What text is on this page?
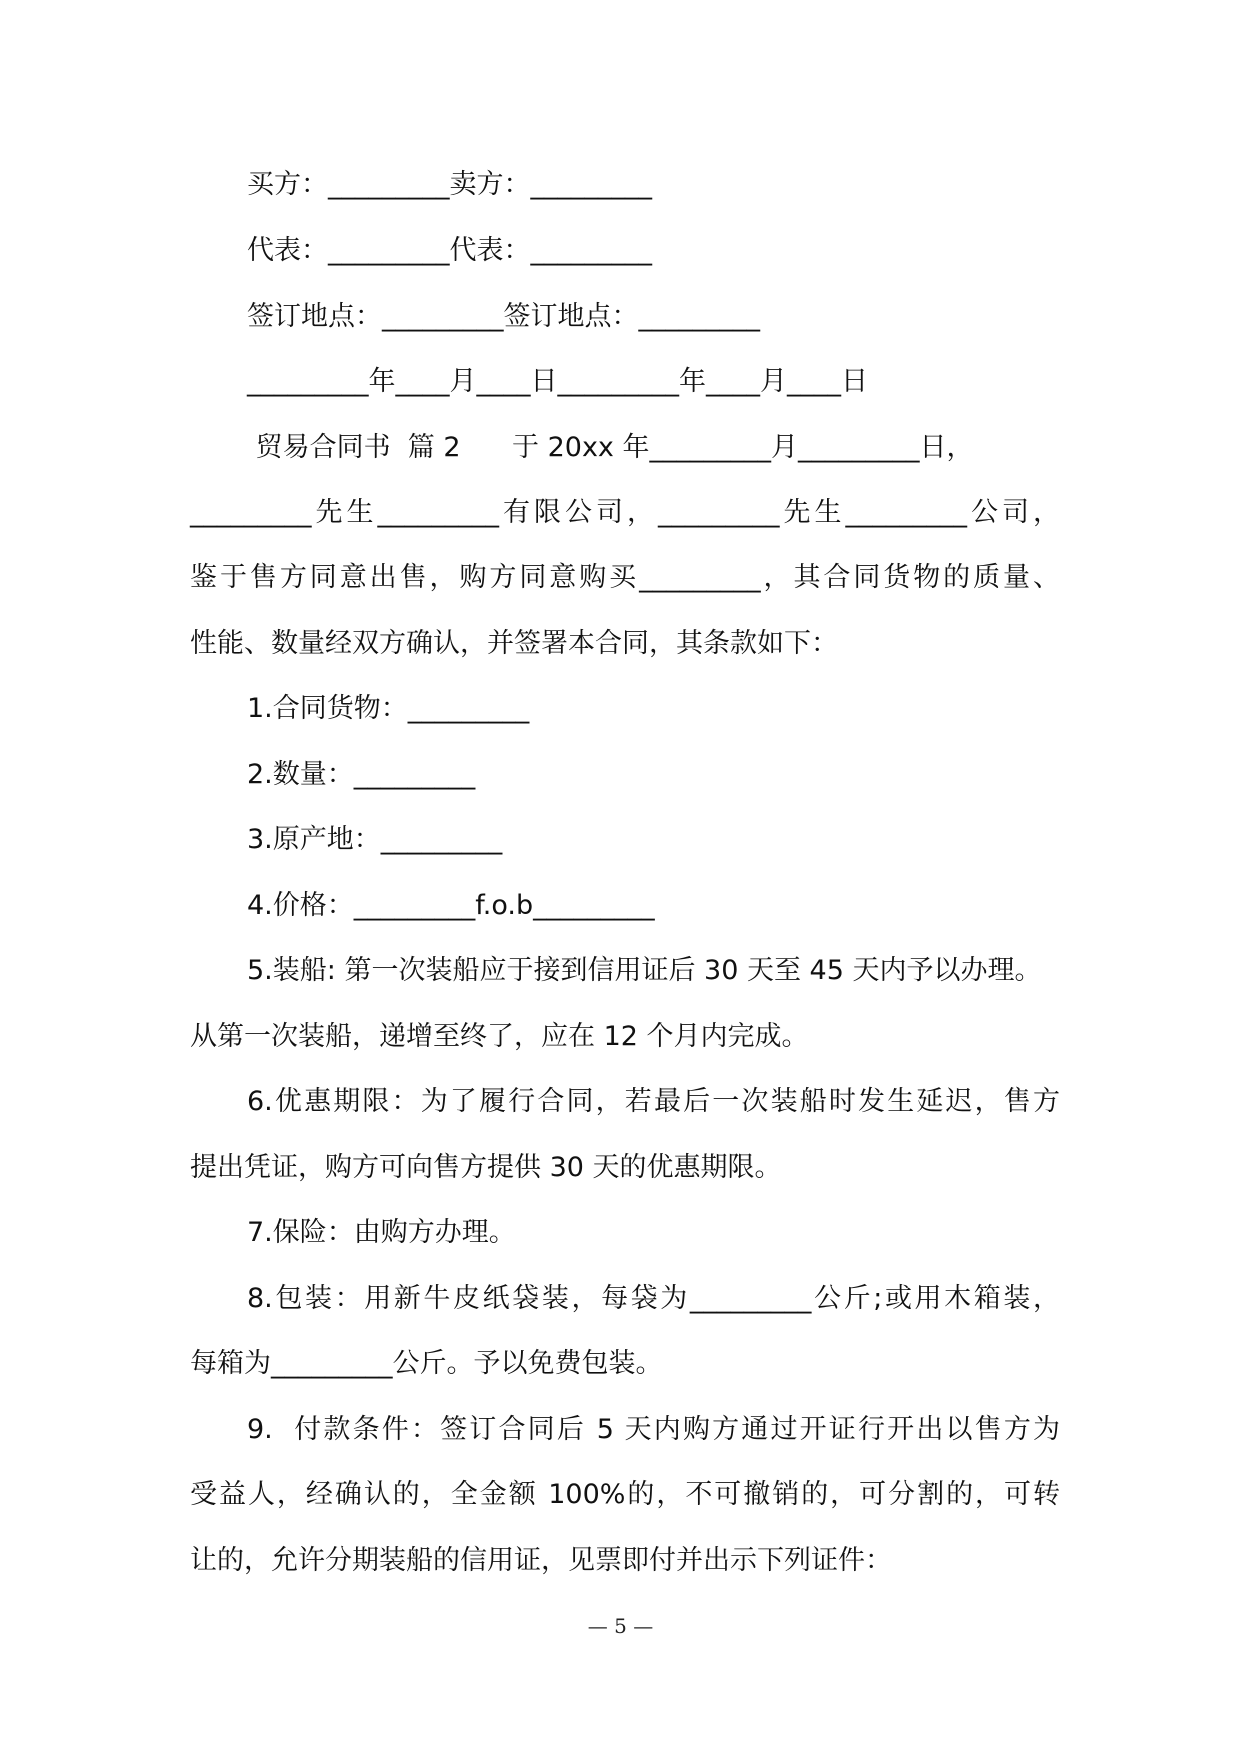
买方：_________卖方：_________

代表：_________代表：_________

签订地点：_________签订地点：_________

_________年____月____日_________年____月____日

贸易合同书  篇 2      于 20xx 年_________月_________日，

_________先生_________有限公司，_________先生_________公司，

鉴于售方同意出售，购方同意购买_________，其合同货物的质量、

性能、数量经双方确认，并签署本合同，其条款如下：

1.合同货物：_________

2.数量：_________

3.原产地：_________

4.价格：_________f.o.b_________

5.装船: 第一次装船应于接到信用证后 30 天至 45 天内予以办理。

从第一次装船，递增至终了，应在 12 个月内完成。

6.优惠期限：为了履行合同，若最后一次装船时发生延迟，售方

提出凭证，购方可向售方提供 30 天的优惠期限。

7.保险：由购方办理。

8.包装：用新牛皮纸袋装，每袋为_________公斤;或用木箱装，

每箱为_________公斤。予以免费包装。

9.  付款条件：签订合同后 5 天内购方通过开证行开出以售方为

受益人，经确认的，全金额 100%的，不可撤销的，可分割的，可转

让的，允许分期装船的信用证，见票即付并出示下列证件：

— 5 —
